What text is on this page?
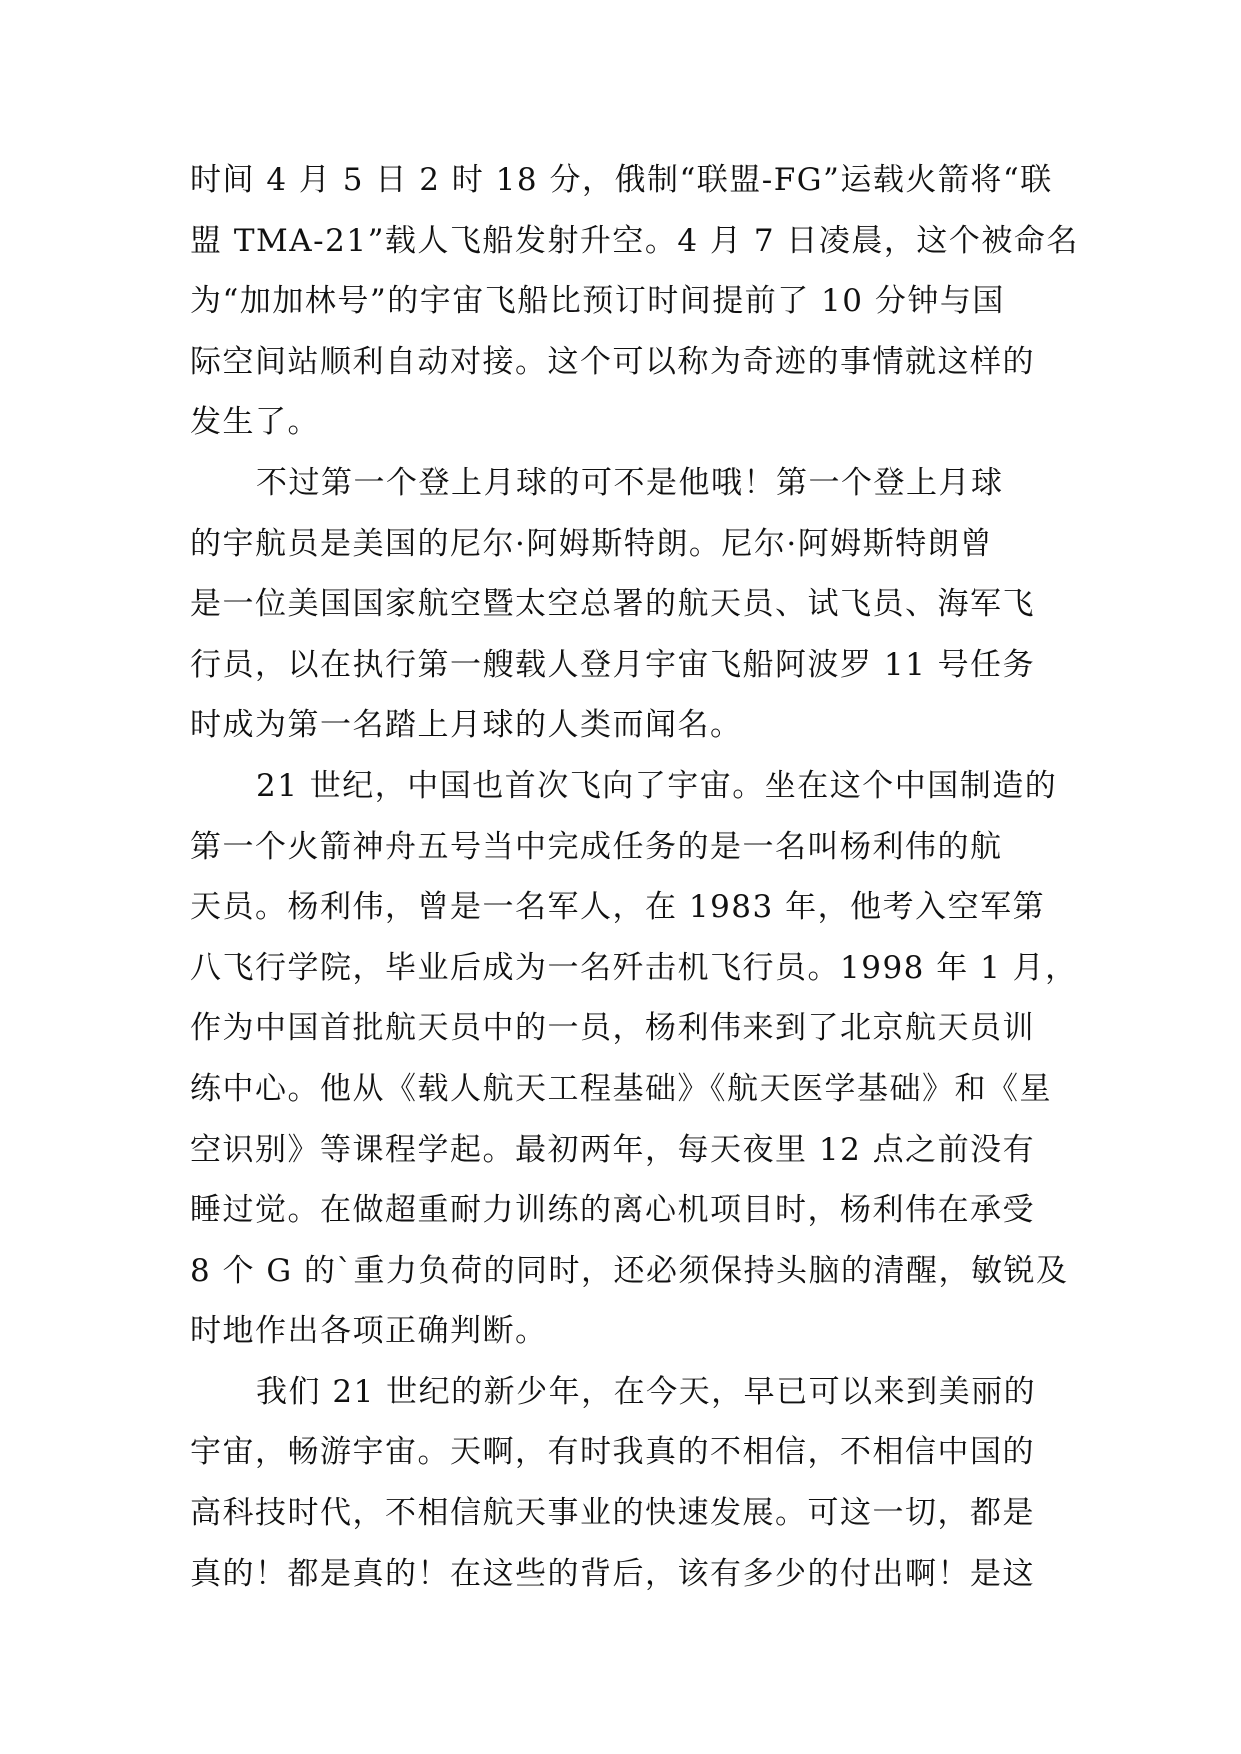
时间 4 月 5 日 2 时 18 分，俄制“联盟-FG”运载火箭将“联
盟 TMA-21”载人飞船发射升空。4 月 7 日凌晨，这个被命名
为“加加林号”的宇宙飞船比预订时间提前了 10 分钟与国
际空间站顺利自动对接。这个可以称为奇迹的事情就这样的
发生了。
不过第一个登上月球的可不是他哦！第一个登上月球
的宇航员是美国的尼尔·阿姆斯特朗。尼尔·阿姆斯特朗曾
是一位美国国家航空暨太空总署的航天员、试飞员、海军飞
行员，以在执行第一艘载人登月宇宙飞船阿波罗 11 号任务
时成为第一名踏上月球的人类而闻名。
21 世纪，中国也首次飞向了宇宙。坐在这个中国制造的
第一个火箭神舟五号当中完成任务的是一名叫杨利伟的航
天员。杨利伟，曾是一名军人，在 1983 年，他考入空军第
八飞行学院，毕业后成为一名歼击机飞行员。1998 年 1 月，
作为中国首批航天员中的一员，杨利伟来到了北京航天员训
练中心。他从《载人航天工程基础》《航天医学基础》和《星
空识别》等课程学起。最初两年，每天夜里 12 点之前没有
睡过觉。在做超重耐力训练的离心机项目时，杨利伟在承受
8 个 G 的`重力负荷的同时，还必须保持头脑的清醒，敏锐及
时地作出各项正确判断。
我们 21 世纪的新少年，在今天，早已可以来到美丽的
宇宙，畅游宇宙。天啊，有时我真的不相信，不相信中国的
高科技时代，不相信航天事业的快速发展。可这一切，都是
真的！都是真的！在这些的背后，该有多少的付出啊！是这
